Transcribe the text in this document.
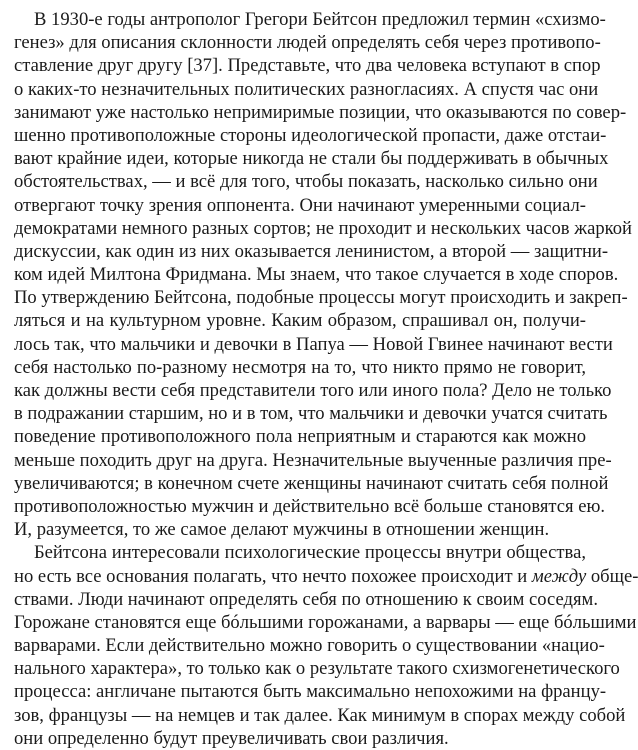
В 1930-е годы антрополог Грегори Бейтсон предложил термин «схизмо-
генез» для описания склонности людей определять себя через противопо-
ставление друг другу [37]. Представьте, что два человека вступают в спор
о каких-то незначительных политических разногласиях. А спустя час они
занимают уже настолько непримиримые позиции, что оказываются по совер-
шенно противоположные стороны идеологической пропасти, даже отстаи-
вают крайние идеи, которые никогда не стали бы поддерживать в обычных
обстоятельствах, — и всё для того, чтобы показать, насколько сильно они
отвергают точку зрения оппонента. Они начинают умеренными социал-
демократами немного разных сортов; не проходит и нескольких часов жаркой
дискуссии, как один из них оказывается ленинистом, а второй — защитни-
ком идей Милтона Фридмана. Мы знаем, что такое случается в ходе споров.
По утверждению Бейтсона, подобные процессы могут происходить и закреп-
ляться и на культурном уровне. Каким образом, спрашивал он, получи-
лось так, что мальчики и девочки в Папуа — Новой Гвинее начинают вести
себя настолько по-разному несмотря на то, что никто прямо не говорит,
как должны вести себя представители того или иного пола? Дело не только
в подражании старшим, но и в том, что мальчики и девочки учатся считать
поведение противоположного пола неприятным и стараются как можно
меньше походить друг на друга. Незначительные выученные различия пре-
увеличиваются; в конечном счете женщины начинают считать себя полной
противоположностью мужчин и действительно всё больше становятся ею.
И, разумеется, то же самое делают мужчины в отношении женщин.
Бейтсона интересовали психологические процессы внутри общества,
но есть все основания полагать, что нечто похожее происходит и между обще-
ствами. Люди начинают определять себя по отношению к своим соседям.
Горожане становятся еще бóльшими горожанами, а варвары — еще бóльшими
варварами. Если действительно можно говорить о существовании «нацио-
нального характера», то только как о результате такого схизмогенетического
процесса: англичане пытаются быть максимально непохожими на францу-
зов, французы — на немцев и так далее. Как минимум в спорах между собой
они определенно будут преувеличивать свои различия.
